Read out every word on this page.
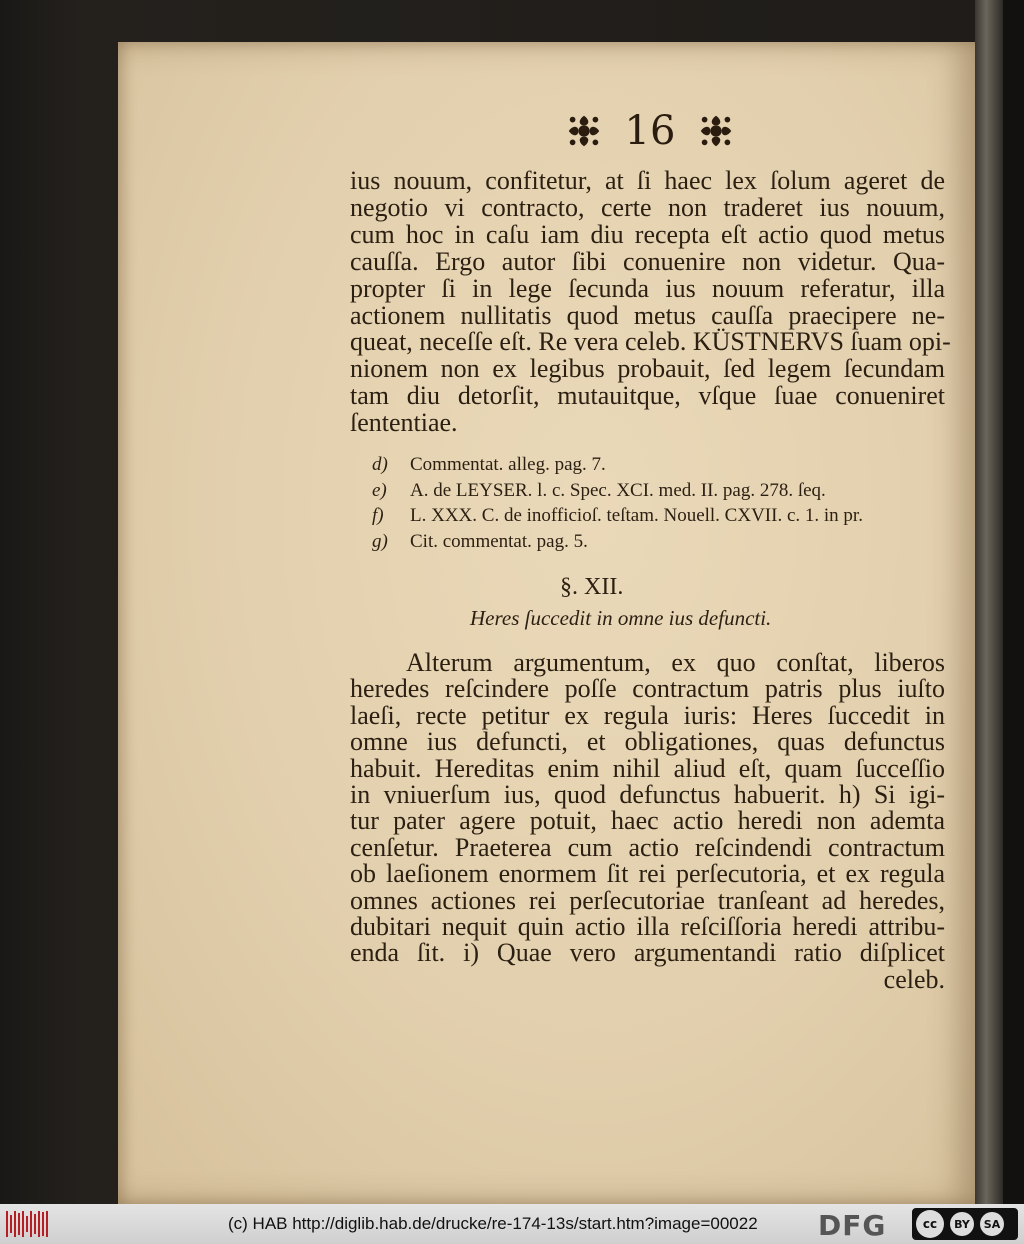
16
ius nouum, confitetur, at ſi haec lex ſolum ageret de
negotio vi contracto, certe non traderet ius nouum,
cum hoc in caſu iam diu recepta eſt actio quod metus
cauſſa. Ergo autor ſibi conuenire non videtur. Qua-
propter ſi in lege ſecunda ius nouum referatur, illa
actionem nullitatis quod metus cauſſa praecipere ne-
queat, neceſſe eſt. Re vera celeb. KÜSTNERVS ſuam opi-
nionem non ex legibus probauit, ſed legem ſecundam
tam diu detorſit, mutauitque, vſque ſuae conueniret
ſententiae.
d)	Commentat. alleg. pag. 7.
e)	A. de LEYSER. l. c. Spec. XCI. med. II. pag. 278. ſeq.
f)	L. XXX. C. de inofficioſ. teſtam. Nouell. CXVII. c. 1. in pr.
g)	Cit. commentat. pag. 5.
§. XII.
Heres ſuccedit in omne ius defuncti.
Alterum argumentum, ex quo conſtat, liberos
heredes reſcindere poſſe contractum patris plus iuſto
laeſi, recte petitur ex regula iuris: Heres ſuccedit in
omne ius defuncti, et obligationes, quas defunctus
habuit. Hereditas enim nihil aliud eſt, quam ſucceſſio
in vniuerſum ius, quod defunctus habuerit. h) Si igi-
tur pater agere potuit, haec actio heredi non ademta
cenſetur. Praeterea cum actio reſcindendi contractum
ob laeſionem enormem ſit rei perſecutoria, et ex regula
omnes actiones rei perſecutoriae tranſeant ad heredes,
dubitari nequit quin actio illa reſciſſoria heredi attribu-
enda ſit. i) Quae vero argumentandi ratio diſplicet
celeb.
(c) HAB http://diglib.hab.de/drucke/re-174-13s/start.htm?image=00022 DFG	cc	BY	SA
